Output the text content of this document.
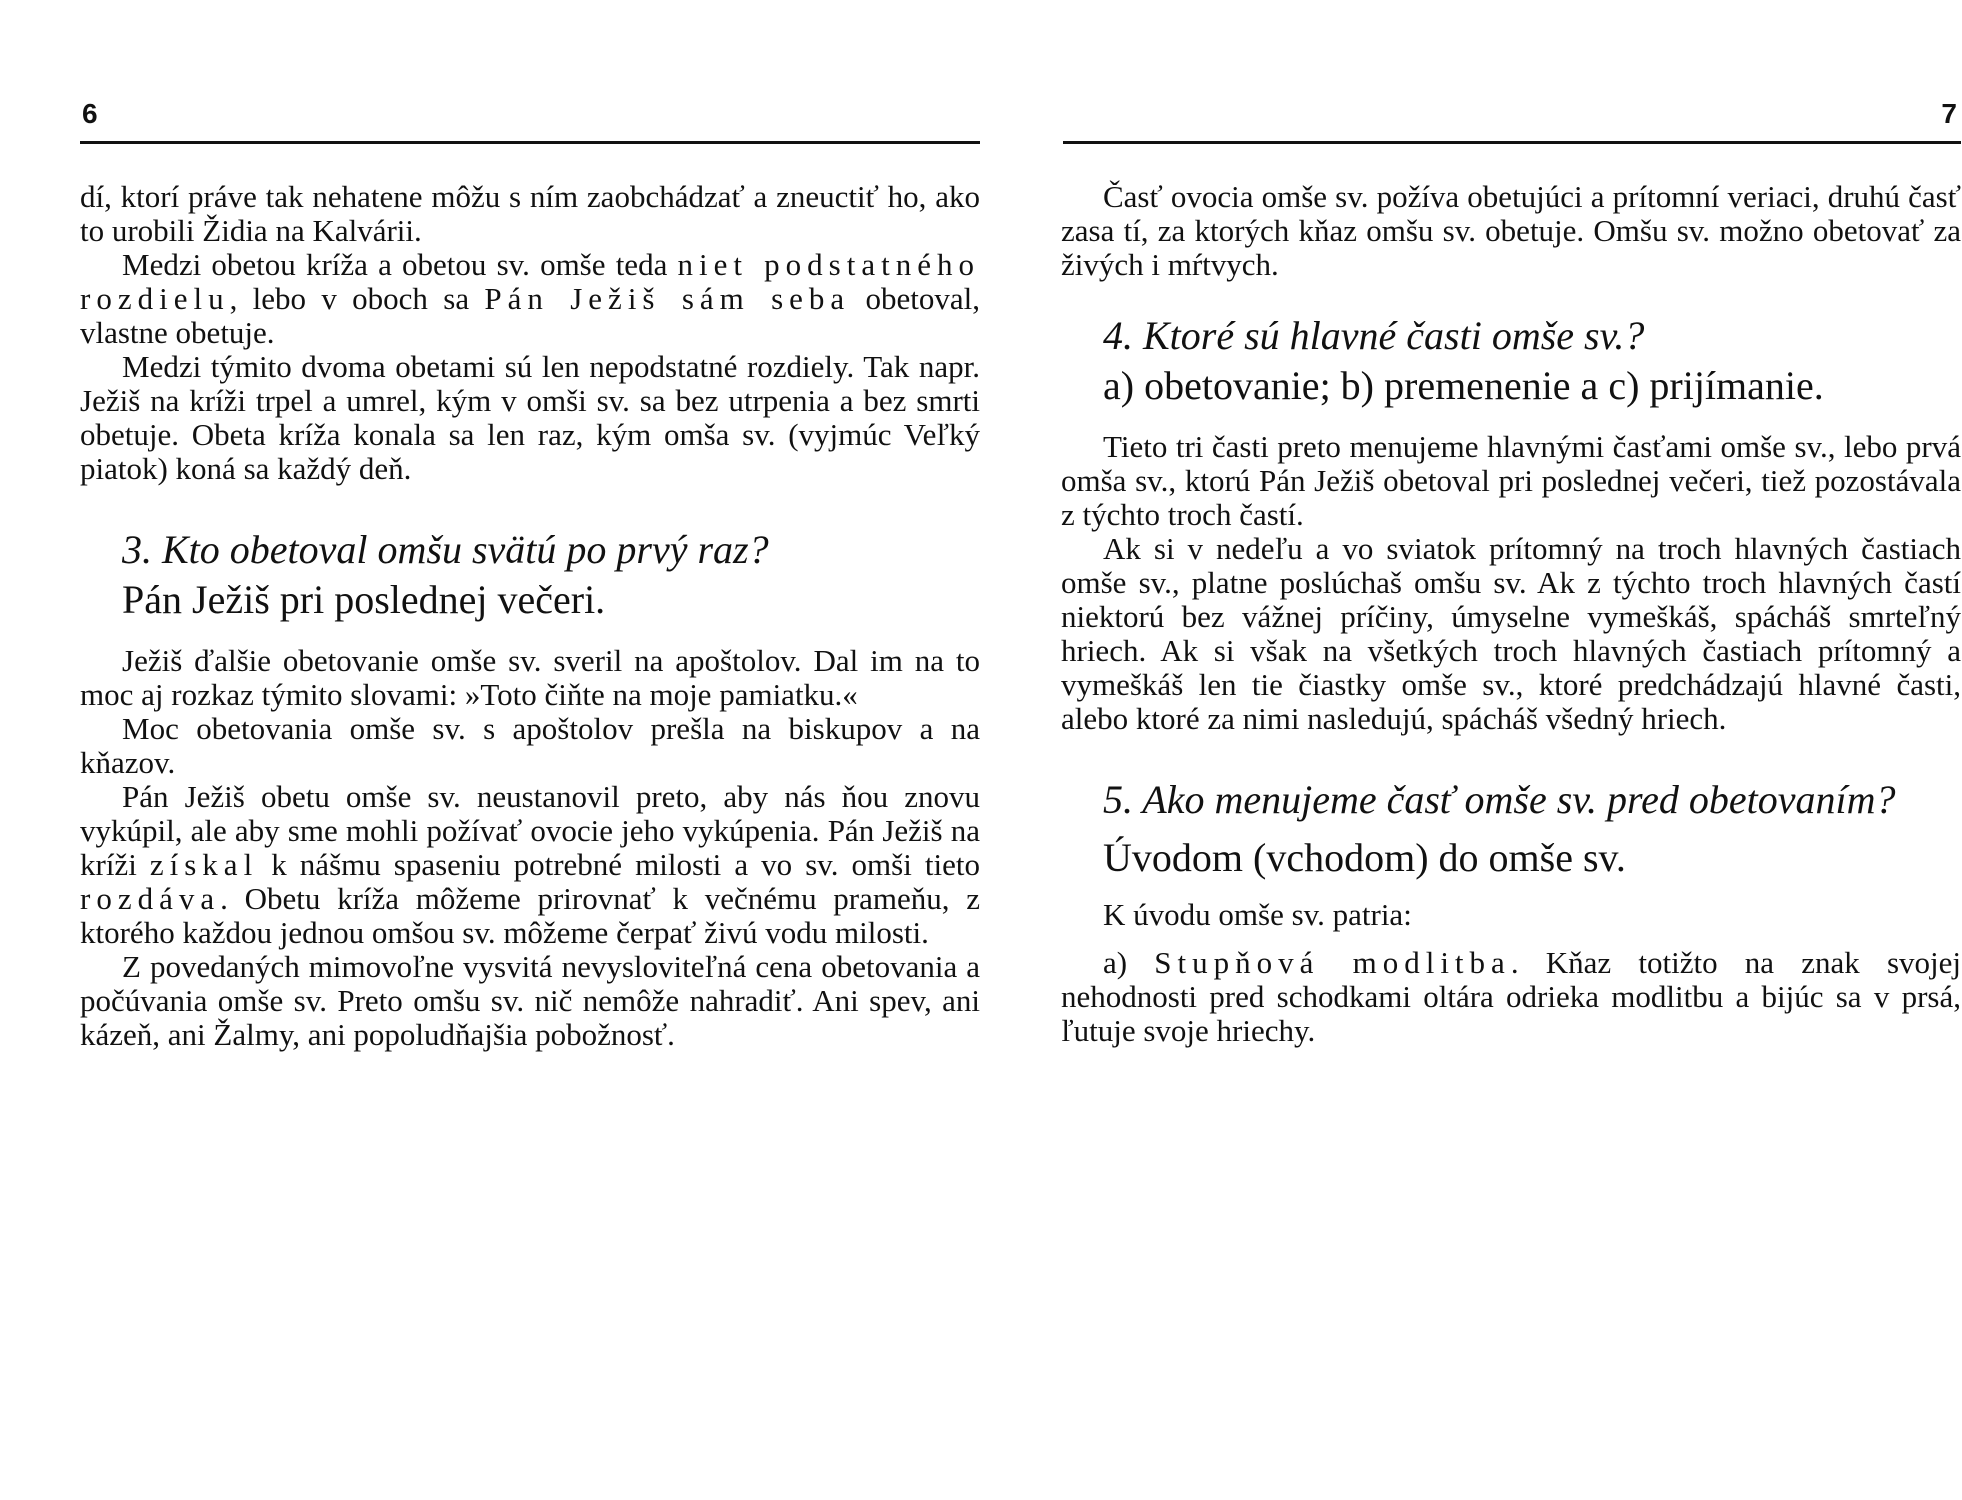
6

dí, ktorí práve tak nehatene môžu s ním zaobchádzať a zneuctiť ho, ako to urobili Židia na Kalvárii.

Medzi obetou kríža a obetou sv. omše teda niet podstatného rozdielu, lebo v oboch sa Pán Ježiš sám seba obetoval, vlastne obetuje.

Medzi týmito dvoma obetami sú len nepodstatné rozdiely. Tak napr. Ježiš na kríži trpel a umrel, kým v omši sv. sa bez utrpenia a bez smrti obetuje. Obeta kríža konala sa len raz, kým omša sv. (vyjmúc Veľký piatok) koná sa každý deň.

3. Kto obetoval omšu svätú po prvý raz?
Pán Ježiš pri poslednej večeri.

Ježiš ďalšie obetovanie omše sv. sveril na apoštolov. Dal im na to moc aj rozkaz týmito slovami: »Toto čiňte na moje pamiatku.«

Moc obetovania omše sv. s apoštolov prešla na biskupov a na kňazov.

Pán Ježiš obetu omše sv. neustanovil preto, aby nás ňou znovu vykúpil, ale aby sme mohli požívať ovocie jeho vykúpenia. Pán Ježiš na kríži získal k nášmu spaseniu potrebné milosti a vo sv. omši tieto rozdáva. Obetu kríža môžeme prirovnať k večnému prameňu, z ktorého každou jednou omšou sv. môžeme čerpať živú vodu milosti.

Z povedaných mimovoľne vysvitá nevysloviteľná cena obetovania a počúvania omše sv. Preto omšu sv. nič nemôže nahradiť. Ani spev, ani kázeň, ani Žalmy, ani popoludňajšia pobožnosť.

7

Časť ovocia omše sv. požíva obetujúci a prítomní veriaci, druhú časť zasa tí, za ktorých kňaz omšu sv. obetuje. Omšu sv. možno obetovať za živých i mŕtvych.

4. Ktoré sú hlavné časti omše sv.?
a) obetovanie; b) premenenie a c) prijímanie.

Tieto tri časti preto menujeme hlavnými časťami omše sv., lebo prvá omša sv., ktorú Pán Ježiš obetoval pri poslednej večeri, tiež pozostávala z týchto troch častí.

Ak si v nedeľu a vo sviatok prítomný na troch hlavných častiach omše sv., platne poslúchaš omšu sv. Ak z týchto troch hlavných častí niektorú bez vážnej príčiny, úmyselne vymeškáš, spácháš smrteľný hriech. Ak si však na všetkých troch hlavných častiach prítomný a vymeškáš len tie čiastky omše sv., ktoré predchádzajú hlavné časti, alebo ktoré za nimi nasledujú, spácháš všedný hriech.

5. Ako menujeme časť omše sv. pred obetovaním?
Úvodom (vchodom) do omše sv.

K úvodu omše sv. patria:

a) Stupňová modlitba. Kňaz totižto na znak svojej nehodnosti pred schodkami oltára odrieka modlitbu a bijúc sa v prsá, ľutuje svoje hriechy.
